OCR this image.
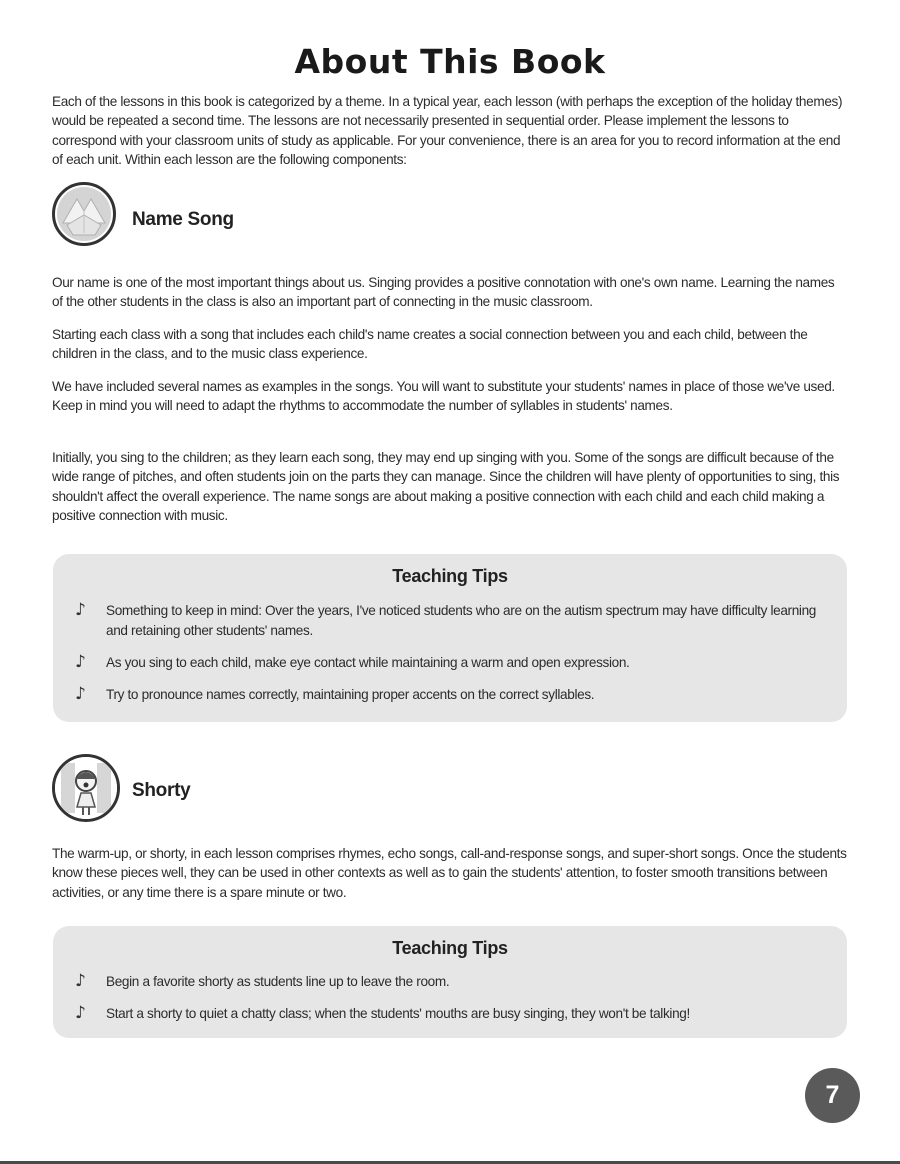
About This Book

Each of the lessons in this book is categorized by a theme. In a typical year, each lesson (with perhaps the exception of the holiday themes) would be repeated a second time. The lessons are not necessarily presented in sequential order. Please implement the lessons to correspond with your classroom units of study as applicable. For your convenience, there is an area for you to record information at the end of each unit. Within each lesson are the following components:

Name Song

Our name is one of the most important things about us. Singing provides a positive connotation with one's own name. Learning the names of the other students in the class is also an important part of connecting in the music classroom.

Starting each class with a song that includes each child's name creates a social connection between you and each child, between the children in the class, and to the music class experience.

We have included several names as examples in the songs. You will want to substitute your students' names in place of those we've used. Keep in mind you will need to adapt the rhythms to accommodate the number of syllables in students' names.

Initially, you sing to the children; as they learn each song, they may end up singing with you. Some of the songs are difficult because of the wide range of pitches, and often students join on the parts they can manage. Since the children will have plenty of opportunities to sing, this shouldn't affect the overall experience. The name songs are about making a positive connection with each child and each child making a positive connection with music.

Teaching Tips
♪ Something to keep in mind: Over the years, I've noticed students who are on the autism spectrum may have difficulty learning and retaining other students' names.
♪ As you sing to each child, make eye contact while maintaining a warm and open expression.
♪ Try to pronounce names correctly, maintaining proper accents on the correct syllables.
Shorty

The warm-up, or shorty, in each lesson comprises rhymes, echo songs, call-and-response songs, and super-short songs. Once the students know these pieces well, they can be used in other contexts as well as to gain the students' attention, to foster smooth transitions between activities, or any time there is a spare minute or two.

Teaching Tips
♪ Begin a favorite shorty as students line up to leave the room.
♪ Start a shorty to quiet a chatty class; when the students' mouths are busy singing, they won't be talking!
7
